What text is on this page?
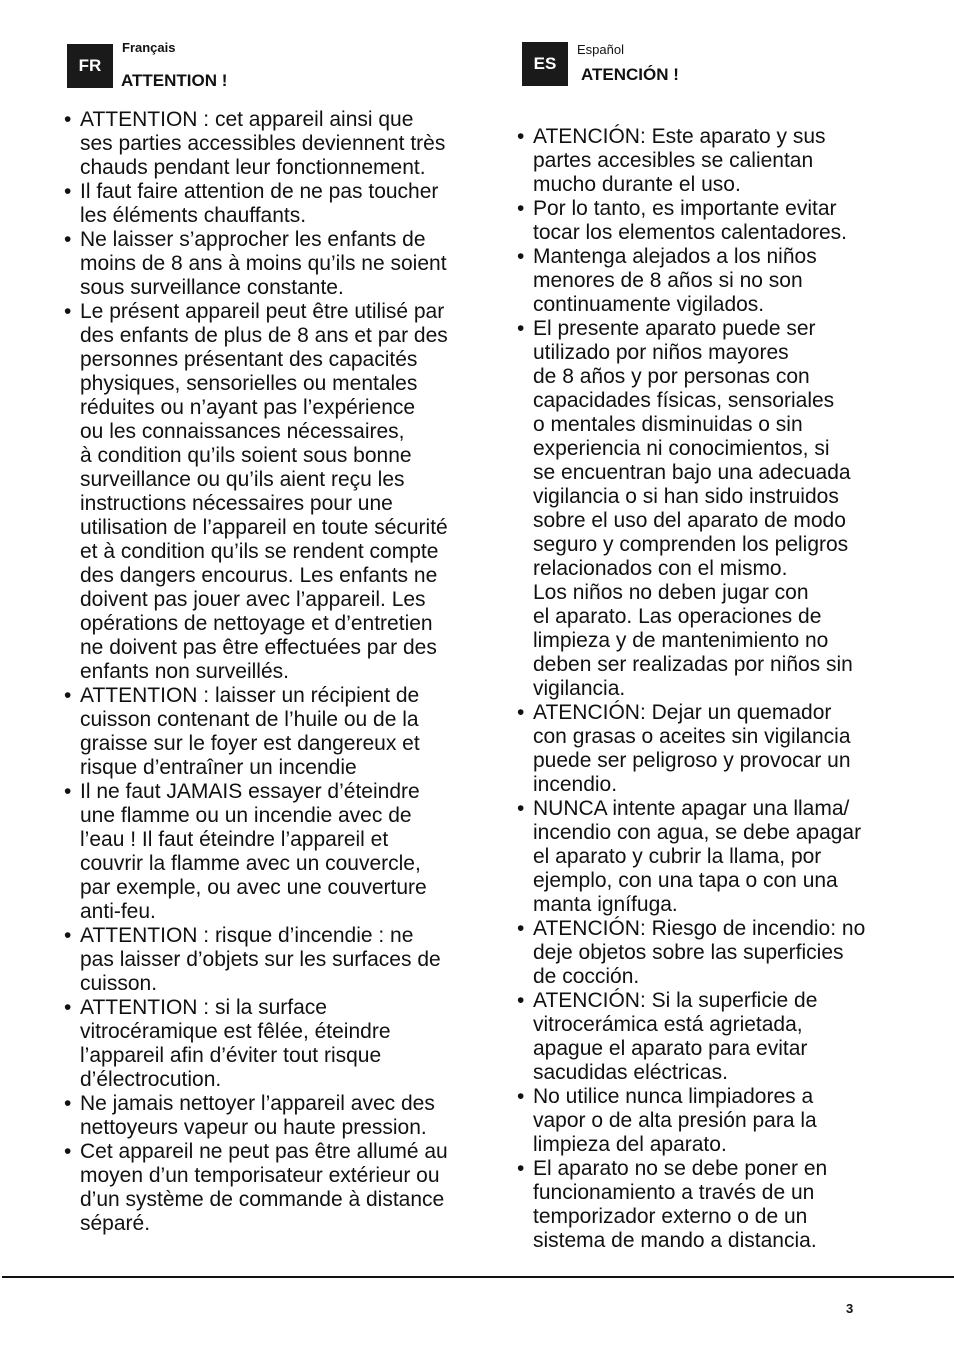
FR
Français
ATTENTION !
• ATTENTION : cet appareil ainsi que
ses parties accessibles deviennent très
chauds pendant leur fonctionnement.
• Il faut faire attention de ne pas toucher
les éléments chauffants.
• Ne laisser s’approcher les enfants de
moins de 8 ans à moins qu’ils ne soient
sous surveillance constante.
• Le présent appareil peut être utilisé par
des enfants de plus de 8 ans et par des
personnes présentant des capacités
physiques, sensorielles ou mentales
réduites ou n’ayant pas l’expérience
ou les connaissances nécessaires,
à condition qu’ils soient sous bonne
surveillance ou qu’ils aient reçu les
instructions nécessaires pour une
utilisation de l’appareil en toute sécurité
et à condition qu’ils se rendent compte
des dangers encourus. Les enfants ne
doivent pas jouer avec l’appareil. Les
opérations de nettoyage et d’entretien
ne doivent pas être effectuées par des
enfants non surveillés.
• ATTENTION : laisser un récipient de
cuisson contenant de l’huile ou de la
graisse sur le foyer est dangereux et
risque d’entraîner un incendie
• Il ne faut JAMAIS essayer d’éteindre
une flamme ou un incendie avec de
l’eau ! Il faut éteindre l’appareil et
couvrir la flamme avec un couvercle,
par exemple, ou avec une couverture
anti-feu.
• ATTENTION : risque d’incendie : ne
pas laisser d’objets sur les surfaces de
cuisson.
• ATTENTION : si la surface
vitrocéramique est fêlée, éteindre
l’appareil afin d’éviter tout risque
d’électrocution.
• Ne jamais nettoyer l’appareil avec des
nettoyeurs vapeur ou haute pression.
• Cet appareil ne peut pas être allumé au
moyen d’un temporisateur extérieur ou
d’un système de commande à distance
séparé.
ES
Español
ATENCIÓN !
• ATENCIÓN: Este aparato y sus
partes accesibles se calientan
mucho durante el uso.
• Por lo tanto, es importante evitar
tocar los elementos calentadores.
• Mantenga alejados a los niños
menores de 8 años si no son
continuamente vigilados.
• El presente aparato puede ser
utilizado por niños mayores
de 8 años y por personas con
capacidades físicas, sensoriales
o mentales disminuidas o sin
experiencia ni conocimientos, si
se encuentran bajo una adecuada
vigilancia o si han sido instruidos
sobre el uso del aparato de modo
seguro y comprenden los peligros
relacionados con el mismo.
Los niños no deben jugar con
el aparato. Las operaciones de
limpieza y de mantenimiento no
deben ser realizadas por niños sin
vigilancia.
• ATENCIÓN: Dejar un quemador
con grasas o aceites sin vigilancia
puede ser peligroso y provocar un
incendio.
• NUNCA intente apagar una llama/
incendio con agua, se debe apagar
el aparato y cubrir la llama, por
ejemplo, con una tapa o con una
manta ignífuga.
• ATENCIÓN: Riesgo de incendio: no
deje objetos sobre las superficies
de cocción.
• ATENCIÓN: Si la superficie de
vitrocerámica está agrietada,
apague el aparato para evitar
sacudidas eléctricas.
• No utilice nunca limpiadores a
vapor o de alta presión para la
limpieza del aparato.
• El aparato no se debe poner en
funcionamiento a través de un
temporizador externo o de un
sistema de mando a distancia.
3
